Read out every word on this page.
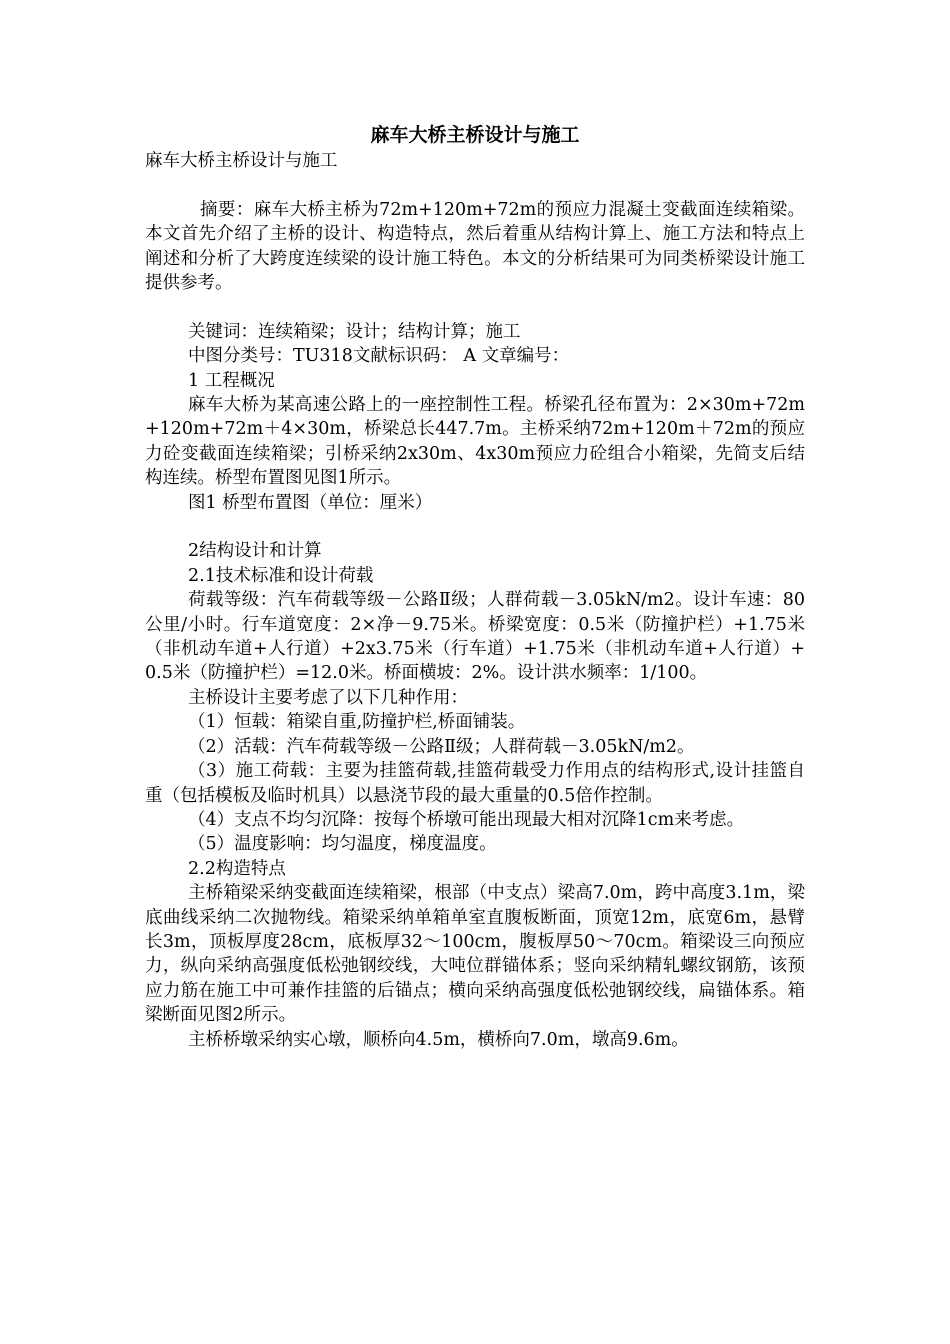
麻车大桥主桥设计与施工

麻车大桥主桥设计与施工

摘要：麻车大桥主桥为72m+120m+72m的预应力混凝土变截面连续箱梁。本文首先介绍了主桥的设计、构造特点，然后着重从结构计算上、施工方法和特点上阐述和分析了大跨度连续梁的设计施工特色。本文的分析结果可为同类桥梁设计施工提供参考。

关键词：连续箱梁；设计；结构计算；施工

中图分类号：TU318文献标识码： A 文章编号：

1 工程概况

麻车大桥为某高速公路上的一座控制性工程。桥梁孔径布置为：2×30m+72m+120m+72m＋4×30m，桥梁总长447.7m。主桥采纳72m+120m＋72m的预应力砼变截面连续箱梁；引桥采纳2x30m、4x30m预应力砼组合小箱梁，先简支后结构连续。桥型布置图见图1所示。

图1 桥型布置图（单位：厘米）

2结构设计和计算

2.1技术标准和设计荷载

荷载等级：汽车荷载等级－公路Ⅱ级；人群荷载－3.05kN/m2。设计车速：80公里/小时。行车道宽度：2×净－9.75米。桥梁宽度：0.5米（防撞护栏）+1.75米（非机动车道+人行道）+2x3.75米（行车道）+1.75米（非机动车道+人行道）+0.5米（防撞护栏）=12.0米。桥面横坡：2%。设计洪水频率：1/100。

主桥设计主要考虑了以下几种作用：

（1）恒载：箱梁自重,防撞护栏,桥面铺装。

（2）活载：汽车荷载等级－公路Ⅱ级；人群荷载－3.05kN/m2。

（3）施工荷载：主要为挂篮荷载,挂篮荷载受力作用点的结构形式,设计挂篮自重（包括模板及临时机具）以悬浇节段的最大重量的0.5倍作控制。

（4）支点不均匀沉降：按每个桥墩可能出现最大相对沉降1cm来考虑。

（5）温度影响：均匀温度，梯度温度。

2.2构造特点

主桥箱梁采纳变截面连续箱梁，根部（中支点）梁高7.0m，跨中高度3.1m，梁底曲线采纳二次抛物线。箱梁采纳单箱单室直腹板断面，顶宽12m，底宽6m，悬臂长3m，顶板厚度28cm，底板厚32～100cm，腹板厚50～70cm。箱梁设三向预应力，纵向采纳高强度低松弛钢绞线，大吨位群锚体系；竖向采纳精轧螺纹钢筋，该预应力筋在施工中可兼作挂篮的后锚点；横向采纳高强度低松弛钢绞线，扁锚体系。箱梁断面见图2所示。

主桥桥墩采纳实心墩，顺桥向4.5m，横桥向7.0m，墩高9.6m。
